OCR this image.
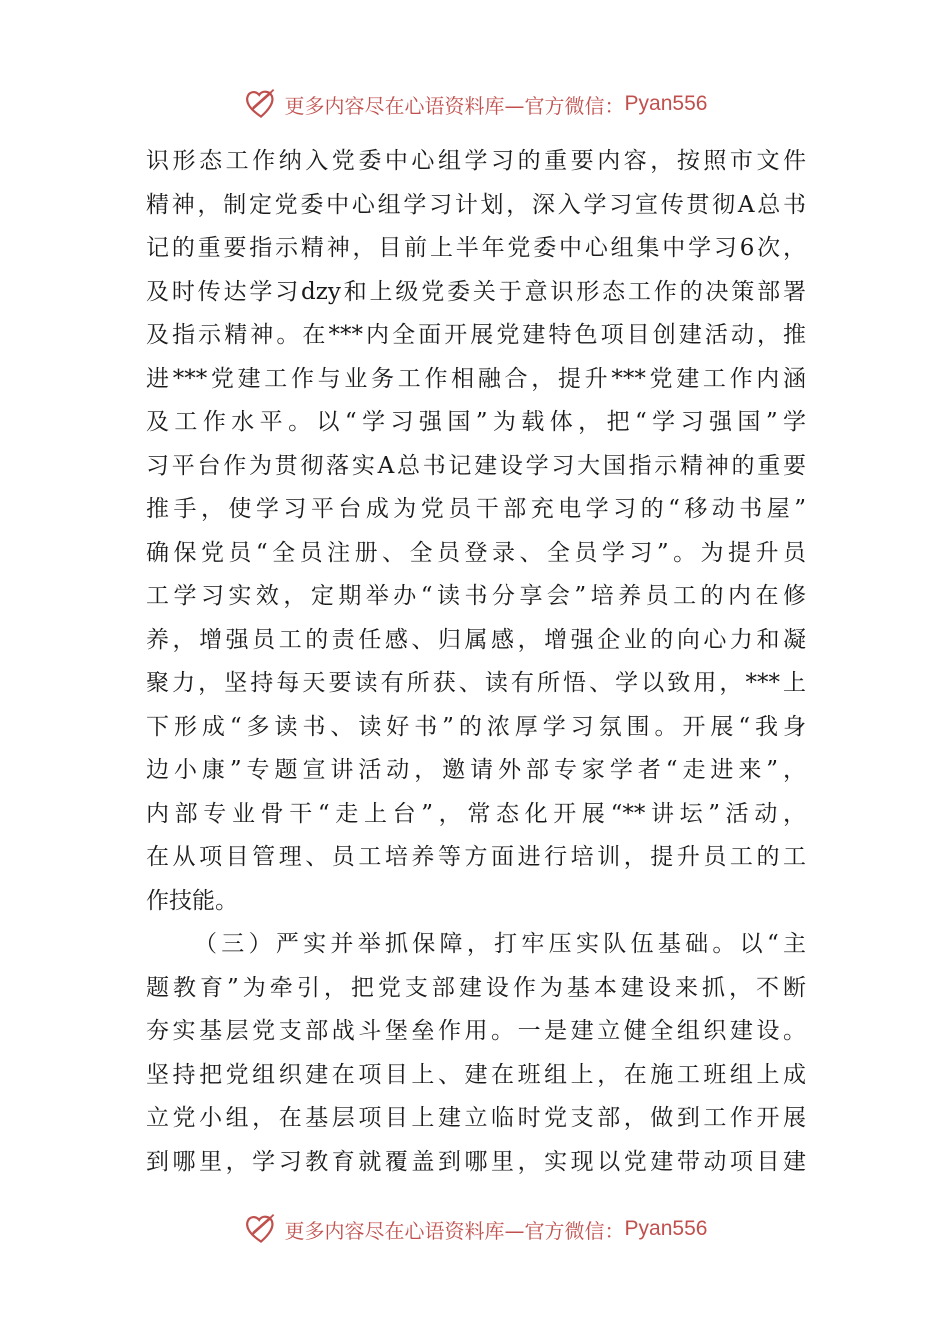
更多内容尽在心语资料库—官方微信： Pyan556
识形态工作纳入党委中心组学习的重要内容，按照市文件
精神，制定党委中心组学习计划，深入学习宣传贯彻A总书
记的重要指示精神，目前上半年党委中心组集中学习6次，
及时传达学习dzy和上级党委关于意识形态工作的决策部署
及指示精神。在***内全面开展党建特色项目创建活动，推
进***党建工作与业务工作相融合，提升***党建工作内涵
及工作水平。以“学习强国”为载体，把“学习强国”学
习平台作为贯彻落实A总书记建设学习大国指示精神的重要
推手，使学习平台成为党员干部充电学习的“移动书屋”
确保党员“全员注册、全员登录、全员学习”。为提升员
工学习实效，定期举办“读书分享会”培养员工的内在修
养，增强员工的责任感、归属感，增强企业的向心力和凝
聚力，坚持每天要读有所获、读有所悟、学以致用，***上
下形成“多读书、读好书”的浓厚学习氛围。开展“我身
边小康”专题宣讲活动，邀请外部专家学者“走进来”，
内部专业骨干“走上台”，常态化开展“**讲坛”活动，
在从项目管理、员工培养等方面进行培训，提升员工的工
作技能。
（三）严实并举抓保障，打牢压实队伍基础。以“主
题教育”为牵引，把党支部建设作为基本建设来抓，不断
夯实基层党支部战斗堡垒作用。一是建立健全组织建设。
坚持把党组织建在项目上、建在班组上，在施工班组上成
立党小组，在基层项目上建立临时党支部，做到工作开展
到哪里，学习教育就覆盖到哪里，实现以党建带动项目建
更多内容尽在心语资料库—官方微信： Pyan556
